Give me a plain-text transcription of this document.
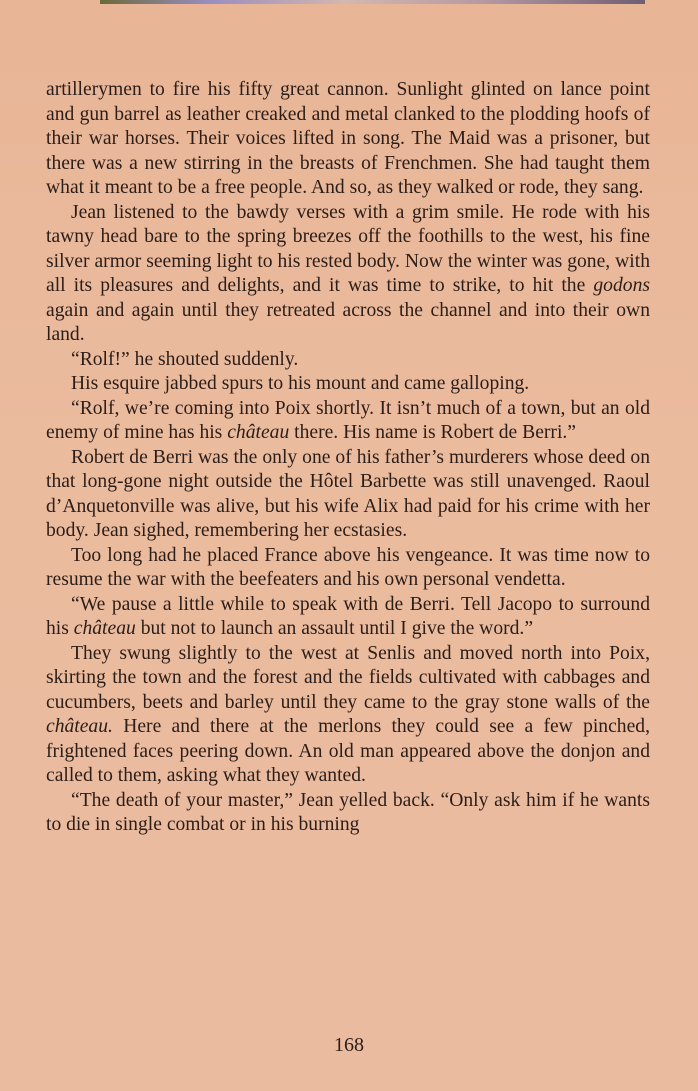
artillerymen to fire his fifty great cannon. Sunlight glinted on lance point and gun barrel as leather creaked and metal clanked to the plodding hoofs of their war horses. Their voices lifted in song. The Maid was a prisoner, but there was a new stirring in the breasts of Frenchmen. She had taught them what it meant to be a free people. And so, as they walked or rode, they sang.

Jean listened to the bawdy verses with a grim smile. He rode with his tawny head bare to the spring breezes off the foothills to the west, his fine silver armor seeming light to his rested body. Now the winter was gone, with all its pleasures and delights, and it was time to strike, to hit the godons again and again until they retreated across the channel and into their own land.

“Rolf!” he shouted suddenly.

His esquire jabbed spurs to his mount and came galloping.

“Rolf, we’re coming into Poix shortly. It isn’t much of a town, but an old enemy of mine has his château there. His name is Robert de Berri.”

Robert de Berri was the only one of his father’s murderers whose deed on that long-gone night outside the Hôtel Barbette was still unavenged. Raoul d’Anquetonville was alive, but his wife Alix had paid for his crime with her body. Jean sighed, remembering her ecstasies.

Too long had he placed France above his vengeance. It was time now to resume the war with the beefeaters and his own personal vendetta.

“We pause a little while to speak with de Berri. Tell Jacopo to surround his château but not to launch an assault until I give the word.”

They swung slightly to the west at Senlis and moved north into Poix, skirting the town and the forest and the fields cultivated with cabbages and cucumbers, beets and barley until they came to the gray stone walls of the château. Here and there at the merlons they could see a few pinched, frightened faces peering down. An old man appeared above the donjon and called to them, asking what they wanted.

“The death of your master,” Jean yelled back. “Only ask him if he wants to die in single combat or in his burning

168
